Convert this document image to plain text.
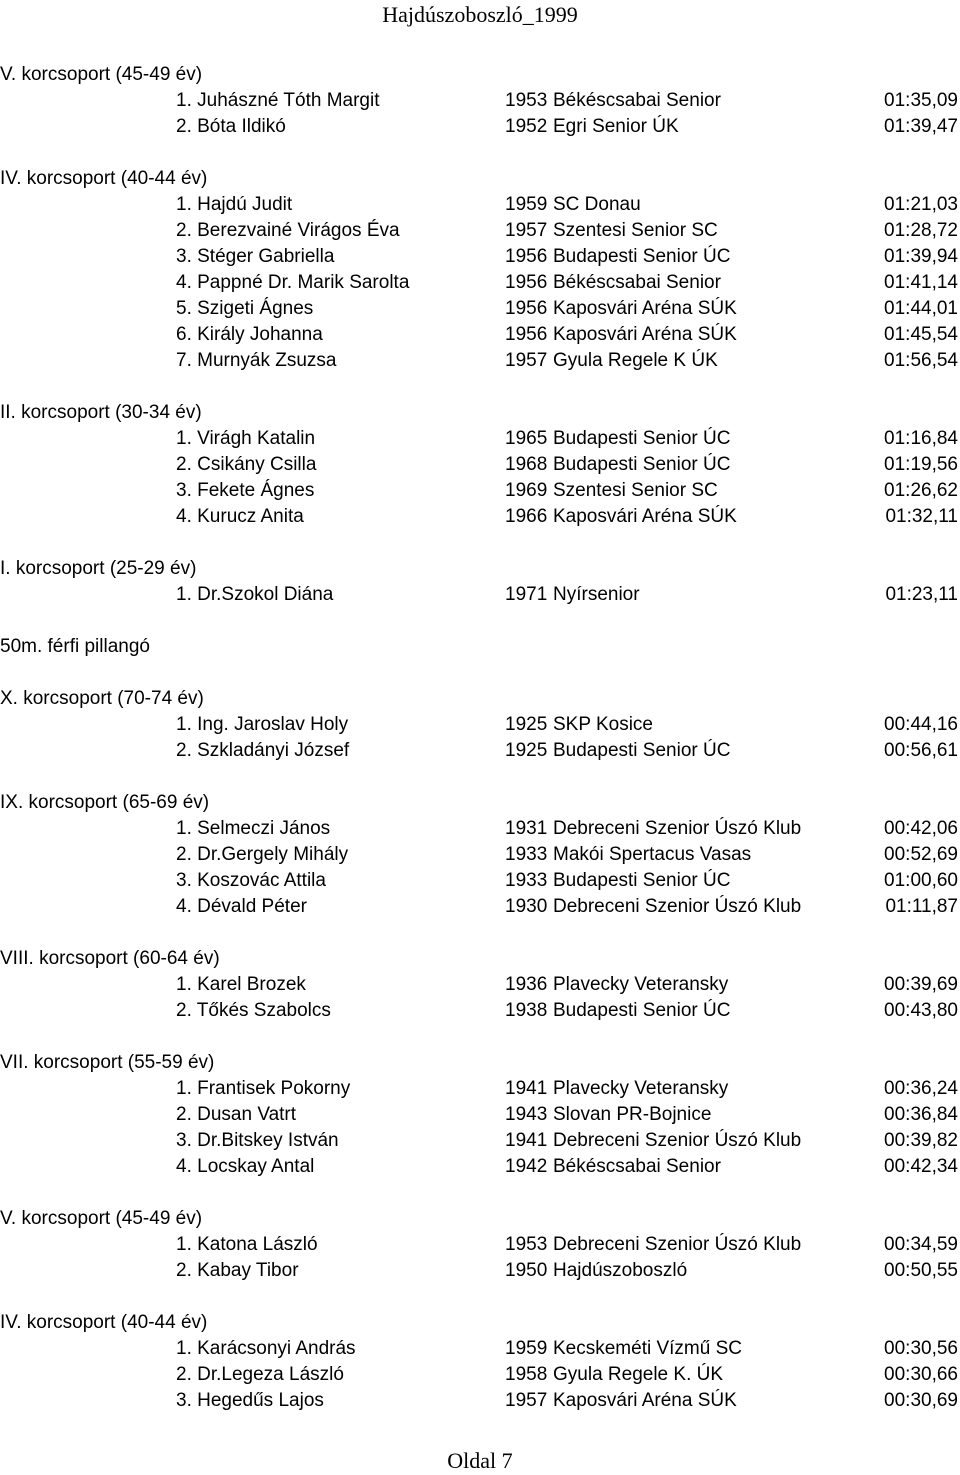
Hajdúszoboszló_1999
V. korcsoport (45-49 év)
1. Juhászné Tóth Margit	1953 Békéscsabai Senior	01:35,09
2. Bóta Ildikó	1952 Egri Senior ÚK	01:39,47
IV. korcsoport (40-44 év)
1. Hajdú Judit	1959 SC Donau	01:21,03
2. Berezvainé Virágos Éva	1957 Szentesi Senior SC	01:28,72
3. Stéger Gabriella	1956 Budapesti Senior ÚC	01:39,94
4. Pappné Dr. Marik Sarolta	1956 Békéscsabai Senior	01:41,14
5. Szigeti Ágnes	1956 Kaposvári Aréna SÚK	01:44,01
6. Király Johanna	1956 Kaposvári Aréna SÚK	01:45,54
7. Murnyák Zsuzsa	1957 Gyula Regele K ÚK	01:56,54
II. korcsoport (30-34 év)
1. Virágh Katalin	1965 Budapesti Senior ÚC	01:16,84
2. Csikány Csilla	1968 Budapesti Senior ÚC	01:19,56
3. Fekete Ágnes	1969 Szentesi Senior SC	01:26,62
4. Kurucz Anita	1966 Kaposvári Aréna SÚK	01:32,11
I. korcsoport (25-29 év)
1. Dr.Szokol Diána	1971 Nyírsenior	01:23,11
50m. férfi pillangó
X. korcsoport (70-74 év)
1. Ing. Jaroslav Holy	1925 SKP Kosice	00:44,16
2. Szkladányi József	1925 Budapesti Senior ÚC	00:56,61
IX. korcsoport (65-69 év)
1. Selmeczi János	1931 Debreceni Szenior Úszó Klub	00:42,06
2. Dr.Gergely Mihály	1933 Makói Spertacus Vasas	00:52,69
3. Koszovác Attila	1933 Budapesti Senior ÚC	01:00,60
4. Dévald Péter	1930 Debreceni Szenior Úszó Klub	01:11,87
VIII. korcsoport (60-64 év)
1. Karel Brozek	1936 Plavecky Veteransky	00:39,69
2. Tőkés Szabolcs	1938 Budapesti Senior ÚC	00:43,80
VII. korcsoport (55-59 év)
1. Frantisek Pokorny	1941 Plavecky Veteransky	00:36,24
2. Dusan Vatrt	1943 Slovan PR-Bojnice	00:36,84
3. Dr.Bitskey István	1941 Debreceni Szenior Úszó Klub	00:39,82
4. Locskay Antal	1942 Békéscsabai Senior	00:42,34
V. korcsoport (45-49 év)
1. Katona László	1953 Debreceni Szenior Úszó Klub	00:34,59
2. Kabay Tibor	1950 Hajdúszoboszló	00:50,55
IV. korcsoport (40-44 év)
1. Karácsonyi András	1959 Kecskeméti Vízmű SC	00:30,56
2. Dr.Legeza László	1958 Gyula Regele K. ÚK	00:30,66
3. Hegedűs Lajos	1957 Kaposvári Aréna SÚK	00:30,69
Oldal 7
